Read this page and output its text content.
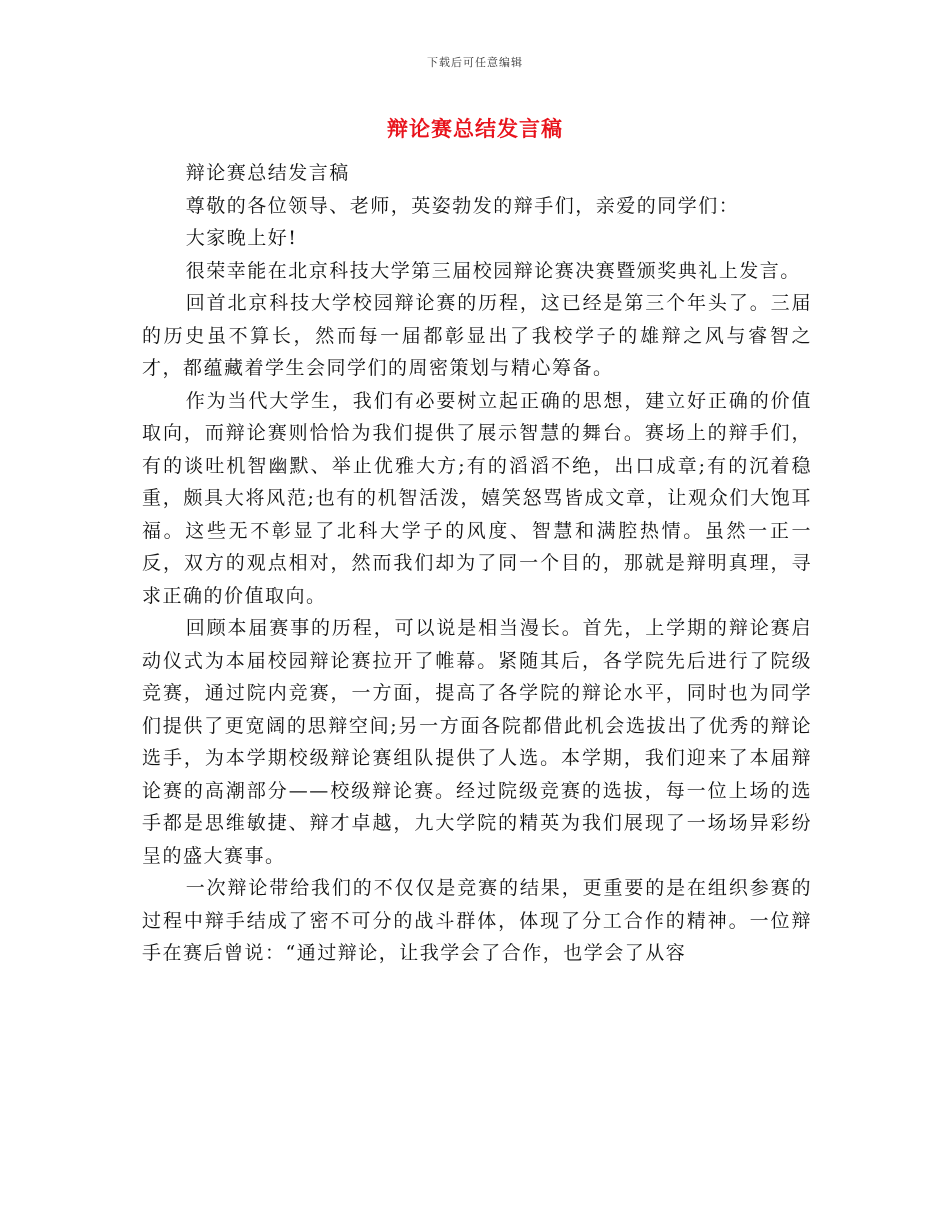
下载后可任意编辑
辩论赛总结发言稿

辩论赛总结发言稿

尊敬的各位领导、老师，英姿勃发的辩手们，亲爱的同学们：

大家晚上好!

很荣幸能在北京科技大学第三届校园辩论赛决赛暨颁奖典礼上发言。

回首北京科技大学校园辩论赛的历程，这已经是第三个年头了。三届的历史虽不算长，然而每一届都彰显出了我校学子的雄辩之风与睿智之才，都蕴藏着学生会同学们的周密策划与精心筹备。

作为当代大学生，我们有必要树立起正确的思想，建立好正确的价值取向，而辩论赛则恰恰为我们提供了展示智慧的舞台。赛场上的辩手们，有的谈吐机智幽默、举止优雅大方;有的滔滔不绝，出口成章;有的沉着稳重，颇具大将风范;也有的机智活泼，嬉笑怒骂皆成文章，让观众们大饱耳福。这些无不彰显了北科大学子的风度、智慧和满腔热情。虽然一正一反，双方的观点相对，然而我们却为了同一个目的，那就是辩明真理，寻求正确的价值取向。

回顾本届赛事的历程，可以说是相当漫长。首先，上学期的辩论赛启动仪式为本届校园辩论赛拉开了帷幕。紧随其后，各学院先后进行了院级竞赛，通过院内竞赛，一方面，提高了各学院的辩论水平，同时也为同学们提供了更宽阔的思辩空间;另一方面各院都借此机会选拔出了优秀的辩论选手，为本学期校级辩论赛组队提供了人选。本学期，我们迎来了本届辩论赛的高潮部分——校级辩论赛。经过院级竞赛的选拔，每一位上场的选手都是思维敏捷、辩才卓越，九大学院的精英为我们展现了一场场异彩纷呈的盛大赛事。

一次辩论带给我们的不仅仅是竞赛的结果，更重要的是在组织参赛的过程中辩手结成了密不可分的战斗群体，体现了分工合作的精神。一位辩手在赛后曾说：“通过辩论，让我学会了合作，也学会了从容
